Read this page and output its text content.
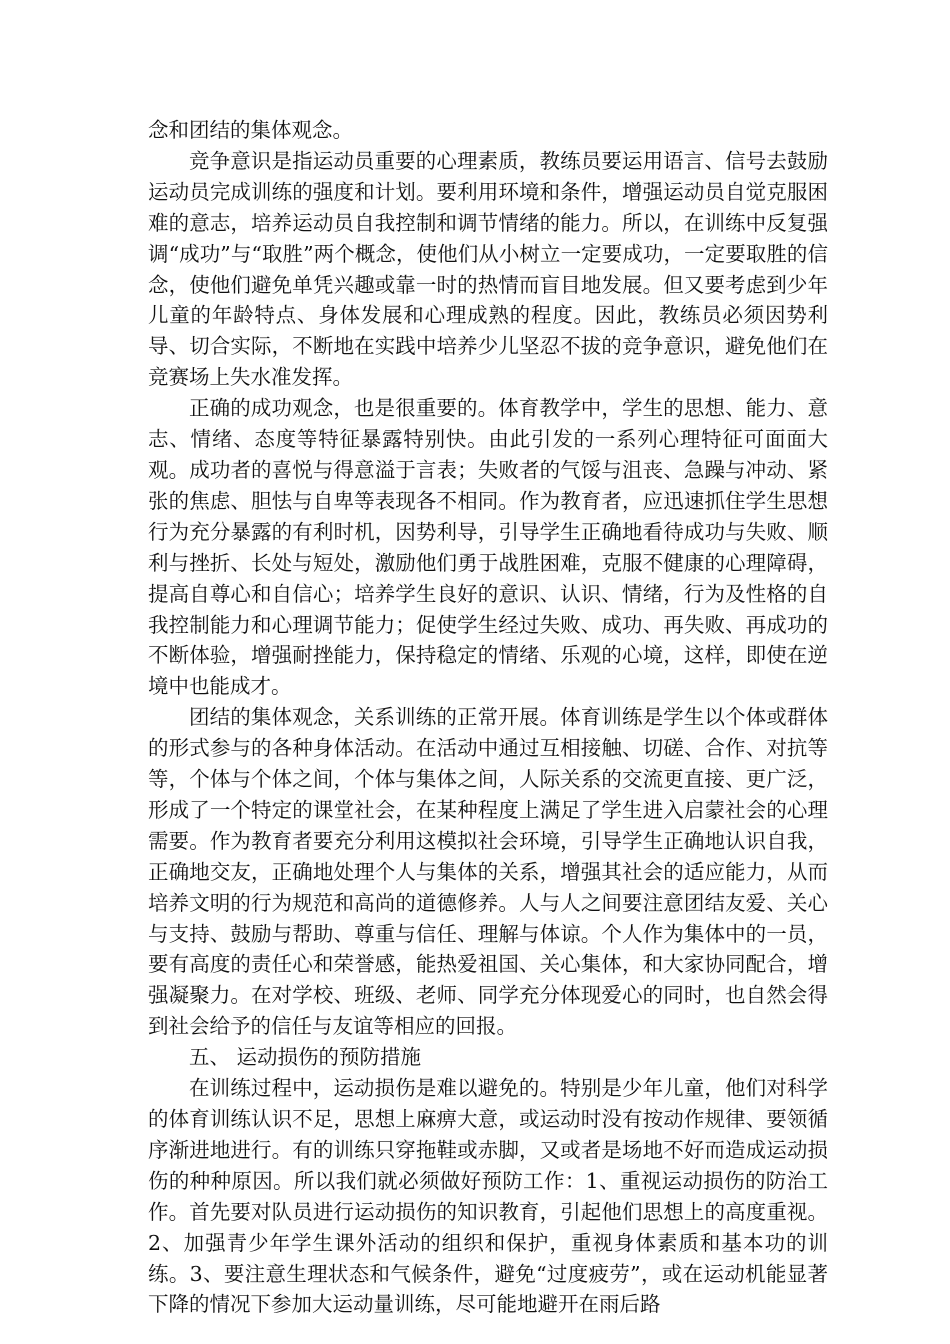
念和团结的集体观念。

竞争意识是指运动员重要的心理素质，教练员要运用语言、信号去鼓励运动员完成训练的强度和计划。要利用环境和条件，增强运动员自觉克服困难的意志，培养运动员自我控制和调节情绪的能力。所以，在训练中反复强调“成功”与“取胜”两个概念，使他们从小树立一定要成功，一定要取胜的信念，使他们避免单凭兴趣或靠一时的热情而盲目地发展。但又要考虑到少年儿童的年龄特点、身体发展和心理成熟的程度。因此，教练员必须因势利导、切合实际，不断地在实践中培养少儿坚忍不拔的竞争意识，避免他们在竞赛场上失水准发挥。

正确的成功观念，也是很重要的。体育教学中，学生的思想、能力、意志、情绪、态度等特征暴露特别快。由此引发的一系列心理特征可面面大观。成功者的喜悦与得意溢于言表；失败者的气馁与沮丧、急躁与冲动、紧张的焦虑、胆怯与自卑等表现各不相同。作为教育者，应迅速抓住学生思想行为充分暴露的有利时机，因势利导，引导学生正确地看待成功与失败、顺利与挫折、长处与短处，激励他们勇于战胜困难，克服不健康的心理障碍，提高自尊心和自信心；培养学生良好的意识、认识、情绪，行为及性格的自我控制能力和心理调节能力；促使学生经过失败、成功、再失败、再成功的不断体验，增强耐挫能力，保持稳定的情绪、乐观的心境，这样，即使在逆境中也能成才。

团结的集体观念，关系训练的正常开展。体育训练是学生以个体或群体的形式参与的各种身体活动。在活动中通过互相接触、切磋、合作、对抗等等，个体与个体之间，个体与集体之间，人际关系的交流更直接、更广泛，形成了一个特定的课堂社会，在某种程度上满足了学生进入启蒙社会的心理需要。作为教育者要充分利用这模拟社会环境，引导学生正确地认识自我，正确地交友，正确地处理个人与集体的关系，增强其社会的适应能力，从而培养文明的行为规范和高尚的道德修养。人与人之间要注意团结友爱、关心与支持、鼓励与帮助、尊重与信任、理解与体谅。个人作为集体中的一员，要有高度的责任心和荣誉感，能热爱祖国、关心集体，和大家协同配合，增强凝聚力。在对学校、班级、老师、同学充分体现爱心的同时，也自然会得到社会给予的信任与友谊等相应的回报。

五、 运动损伤的预防措施

在训练过程中，运动损伤是难以避免的。特别是少年儿童，他们对科学的体育训练认识不足，思想上麻痹大意，或运动时没有按动作规律、要领循序渐进地进行。有的训练只穿拖鞋或赤脚，又或者是场地不好而造成运动损伤的种种原因。所以我们就必须做好预防工作：1、重视运动损伤的防治工作。首先要对队员进行运动损伤的知识教育，引起他们思想上的高度重视。2、加强青少年学生课外活动的组织和保护，重视身体素质和基本功的训练。3、要注意生理状态和气候条件，避免“过度疲劳”，或在运动机能显著下降的情况下参加大运动量训练，尽可能地避开在雨后路
